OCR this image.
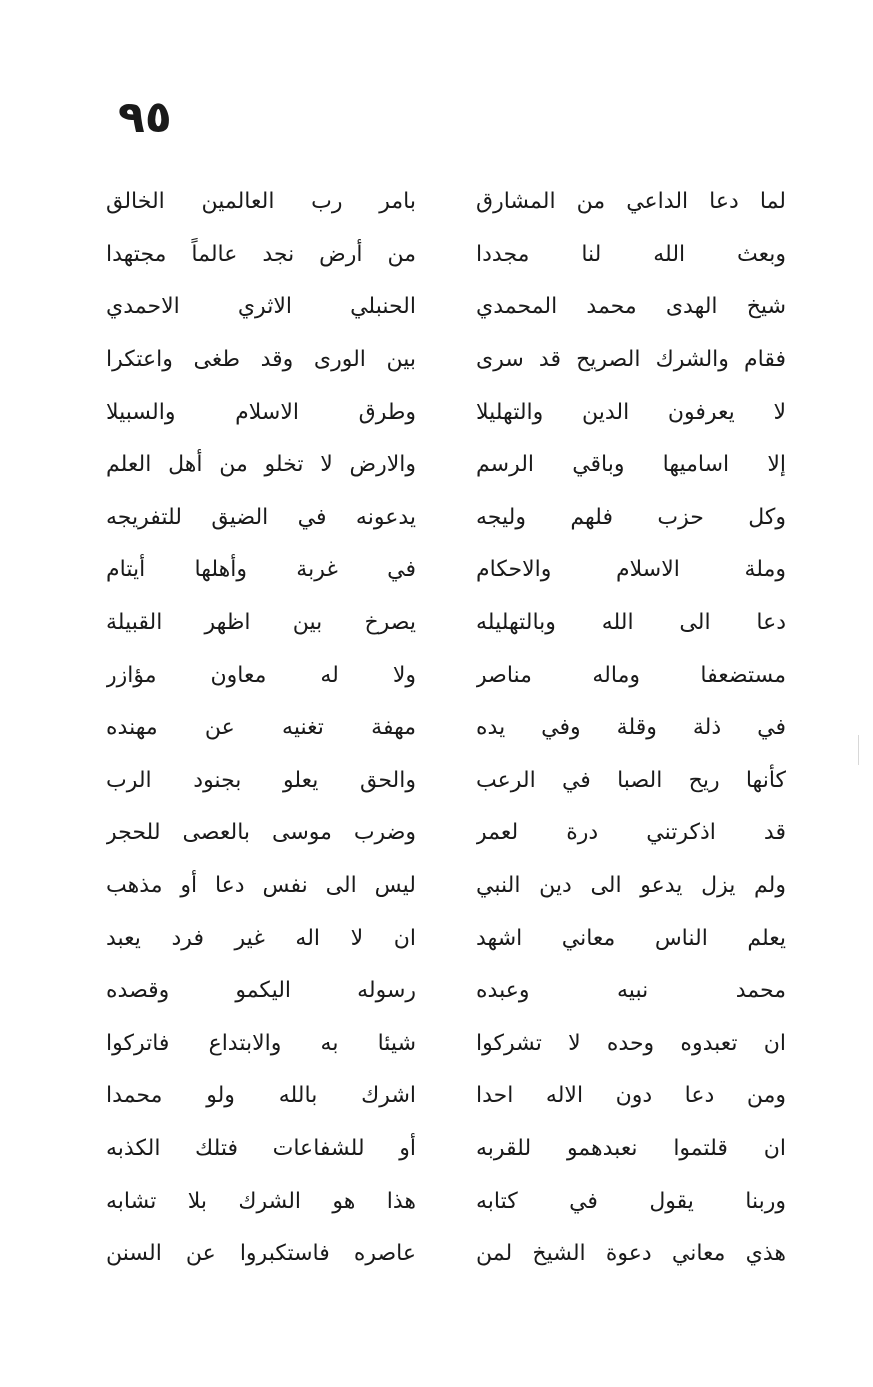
٩٥
لما دعا الداعي من المشارق
بامر رب العالمين الخالق
وبعث الله لنا مجددا
من أرض نجد عالماً مجتهدا
شيخ الهدى محمد المحمدي
الحنبلي الاثري الاحمدي
فقام والشرك الصريح قد سرى
بين الورى وقد طغى واعتكرا
لا يعرفون الدين والتهليلا
وطرق الاسلام والسبيلا
إلا اساميها وباقي الرسم
والارض لا تخلو من أهل العلم
وكل حزب فلهم وليجه
يدعونه في الضيق للتفريجه
وملة الاسلام والاحكام
في غربة وأهلها أيتام
دعا الى الله وبالتهليله
يصرخ بين اظهر القبيلة
مستضعفا وماله مناصر
ولا له معاون مؤازر
في ذلة وقلة وفي يده
مهفة تغنيه عن مهنده
كأنها ريح الصبا في الرعب
والحق يعلو بجنود الرب
قد اذكرتني درة لعمر
وضرب موسى بالعصى للحجر
ولم يزل يدعو الى دين النبي
ليس الى نفس دعا أو مذهب
يعلم الناس معاني اشهد
ان لا اله غير فرد يعبد
محمد نبيه وعبده
رسوله اليكمو وقصده
ان تعبدوه وحده لا تشركوا
شيئا به والابتداع فاتركوا
ومن دعا دون الاله احدا
اشرك بالله ولو محمدا
ان قلتموا نعبدهمو للقربه
أو للشفاعات فتلك الكذبه
وربنا يقول في كتابه
هذا هو الشرك بلا تشابه
هذي معاني دعوة الشيخ لمن
عاصره فاستكبروا عن السنن
